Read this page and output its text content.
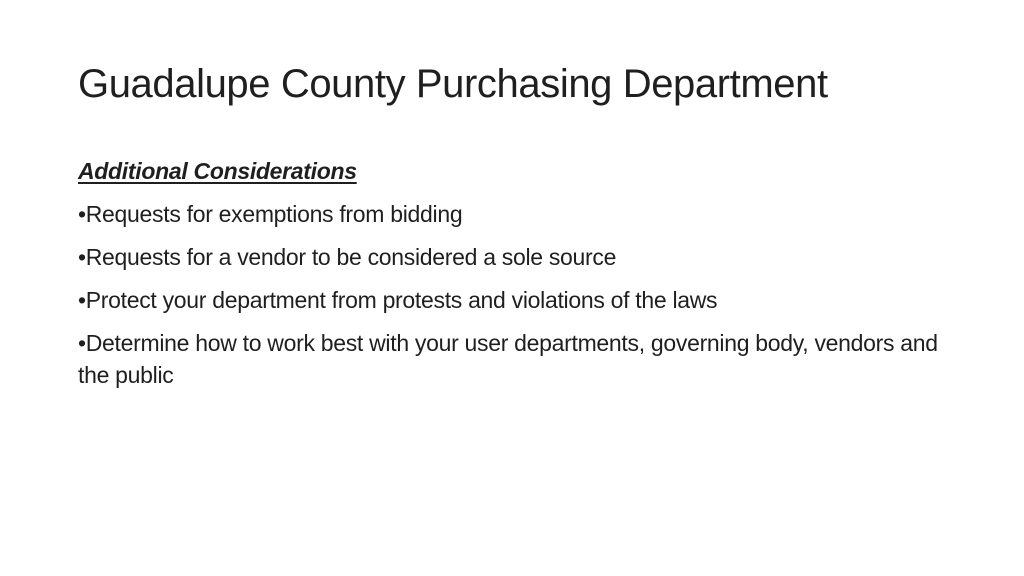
Guadalupe County Purchasing Department

Additional Considerations

•Requests for exemptions from bidding
•Requests for a vendor to be considered a sole source
•Protect your department from protests and violations of the laws
•Determine how to work best with your user departments, governing body, vendors and the public
